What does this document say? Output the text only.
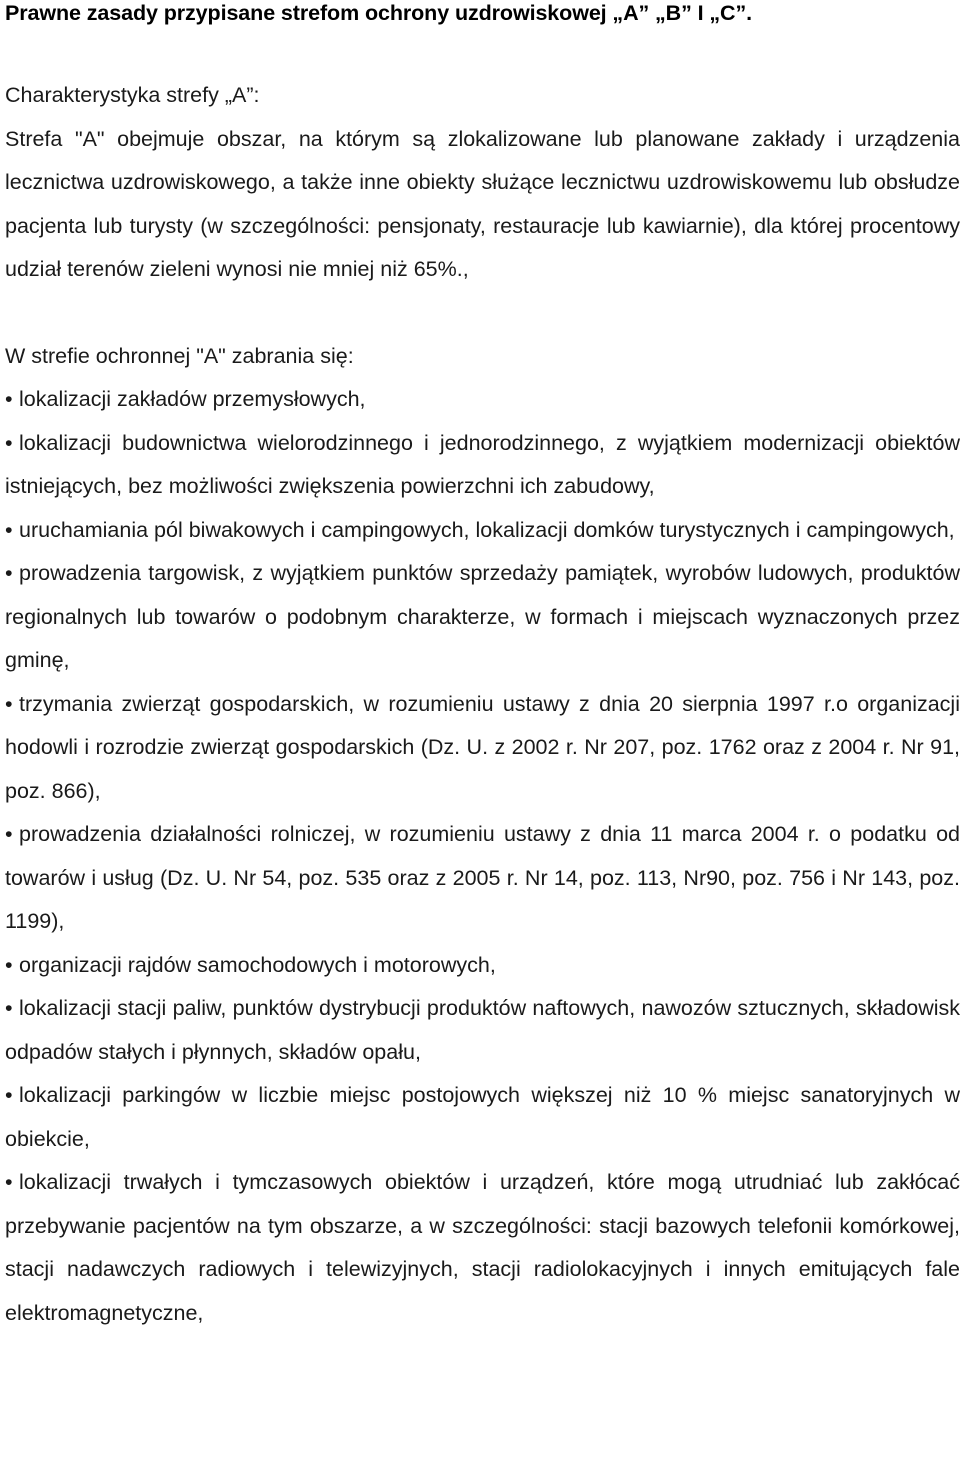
Prawne zasady przypisane strefom ochrony uzdrowiskowej „A” „B” I „C”.

Charakterystyka strefy „A”:

Strefa "A" obejmuje obszar, na którym są zlokalizowane lub planowane zakłady i urządzenia lecznictwa uzdrowiskowego, a także inne obiekty służące lecznictwu uzdrowiskowemu lub obsłudze pacjenta lub turysty (w szczególności: pensjonaty, restauracje lub kawiarnie), dla której procentowy udział terenów zieleni wynosi nie mniej niż 65%.,

W strefie ochronnej "A" zabrania się:

• lokalizacji zakładów przemysłowych,

• lokalizacji budownictwa wielorodzinnego i jednorodzinnego, z wyjątkiem modernizacji obiektów istniejących, bez możliwości zwiększenia powierzchni ich zabudowy,

• uruchamiania pól biwakowych i campingowych, lokalizacji domków turystycznych i campingowych,

• prowadzenia targowisk, z wyjątkiem punktów sprzedaży pamiątek, wyrobów ludowych, produktów regionalnych lub towarów o podobnym charakterze, w formach i miejscach wyznaczonych przez gminę,

• trzymania zwierząt gospodarskich, w rozumieniu ustawy z dnia 20 sierpnia 1997 r.o organizacji hodowli i rozrodzie zwierząt gospodarskich (Dz. U. z 2002 r. Nr 207, poz. 1762 oraz z 2004 r. Nr 91, poz. 866),

• prowadzenia działalności rolniczej, w rozumieniu ustawy z dnia 11 marca 2004 r. o podatku od towarów i usług (Dz. U. Nr 54, poz. 535 oraz z 2005 r. Nr 14, poz. 113, Nr90, poz. 756 i Nr 143, poz. 1199),

• organizacji rajdów samochodowych i motorowych,

• lokalizacji stacji paliw, punktów dystrybucji produktów naftowych, nawozów sztucznych, składowisk odpadów stałych i płynnych, składów opału,

• lokalizacji parkingów w liczbie miejsc postojowych większej niż 10 % miejsc sanatoryjnych w obiekcie,

• lokalizacji trwałych i tymczasowych obiektów i urządzeń, które mogą utrudniać lub zakłócać przebywanie pacjentów na tym obszarze, a w szczególności: stacji bazowych telefonii komórkowej, stacji nadawczych radiowych i telewizyjnych, stacji radiolokacyjnych i innych emitujących fale elektromagnetyczne,
